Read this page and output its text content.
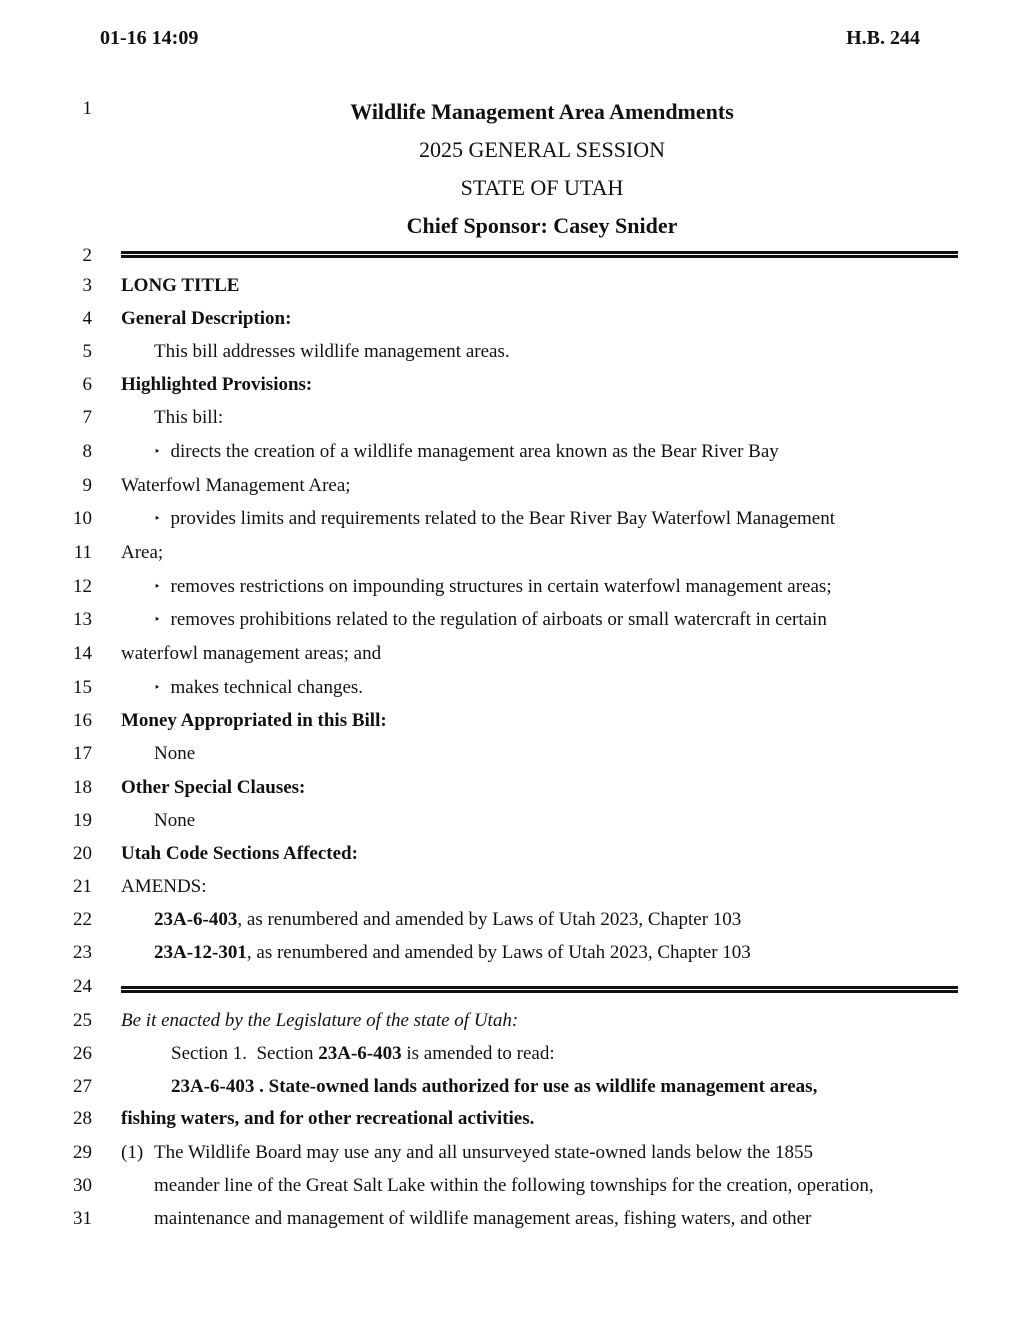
01-16 14:09	H.B. 244
1
2
3
4
5
6
7
8
9
10
11
12
13
14
15
16
17
18
19
20
21
22
23
24
25
26
27
28
29
30
31
Wildlife Management Area Amendments
2025 GENERAL SESSION
STATE OF UTAH
Chief Sponsor: Casey Snider
LONG TITLE
General Description:
This bill addresses wildlife management areas.
Highlighted Provisions:
This bill:
‣ directs the creation of a wildlife management area known as the Bear River Bay
Waterfowl Management Area;
‣ provides limits and requirements related to the Bear River Bay Waterfowl Management
Area;
‣ removes restrictions on impounding structures in certain waterfowl management areas;
‣ removes prohibitions related to the regulation of airboats or small watercraft in certain
waterfowl management areas; and
‣ makes technical changes.
Money Appropriated in this Bill:
None
Other Special Clauses:
None
Utah Code Sections Affected:
AMENDS:
23A-6-403, as renumbered and amended by Laws of Utah 2023, Chapter 103
23A-12-301, as renumbered and amended by Laws of Utah 2023, Chapter 103
Be it enacted by the Legislature of the state of Utah:
Section 1.  Section 23A-6-403 is amended to read:
23A-6-403 . State-owned lands authorized for use as wildlife management areas,
fishing waters, and for other recreational activities.
(1) The Wildlife Board may use any and all unsurveyed state-owned lands below the 1855
meander line of the Great Salt Lake within the following townships for the creation, operation,
maintenance and management of wildlife management areas, fishing waters, and other
